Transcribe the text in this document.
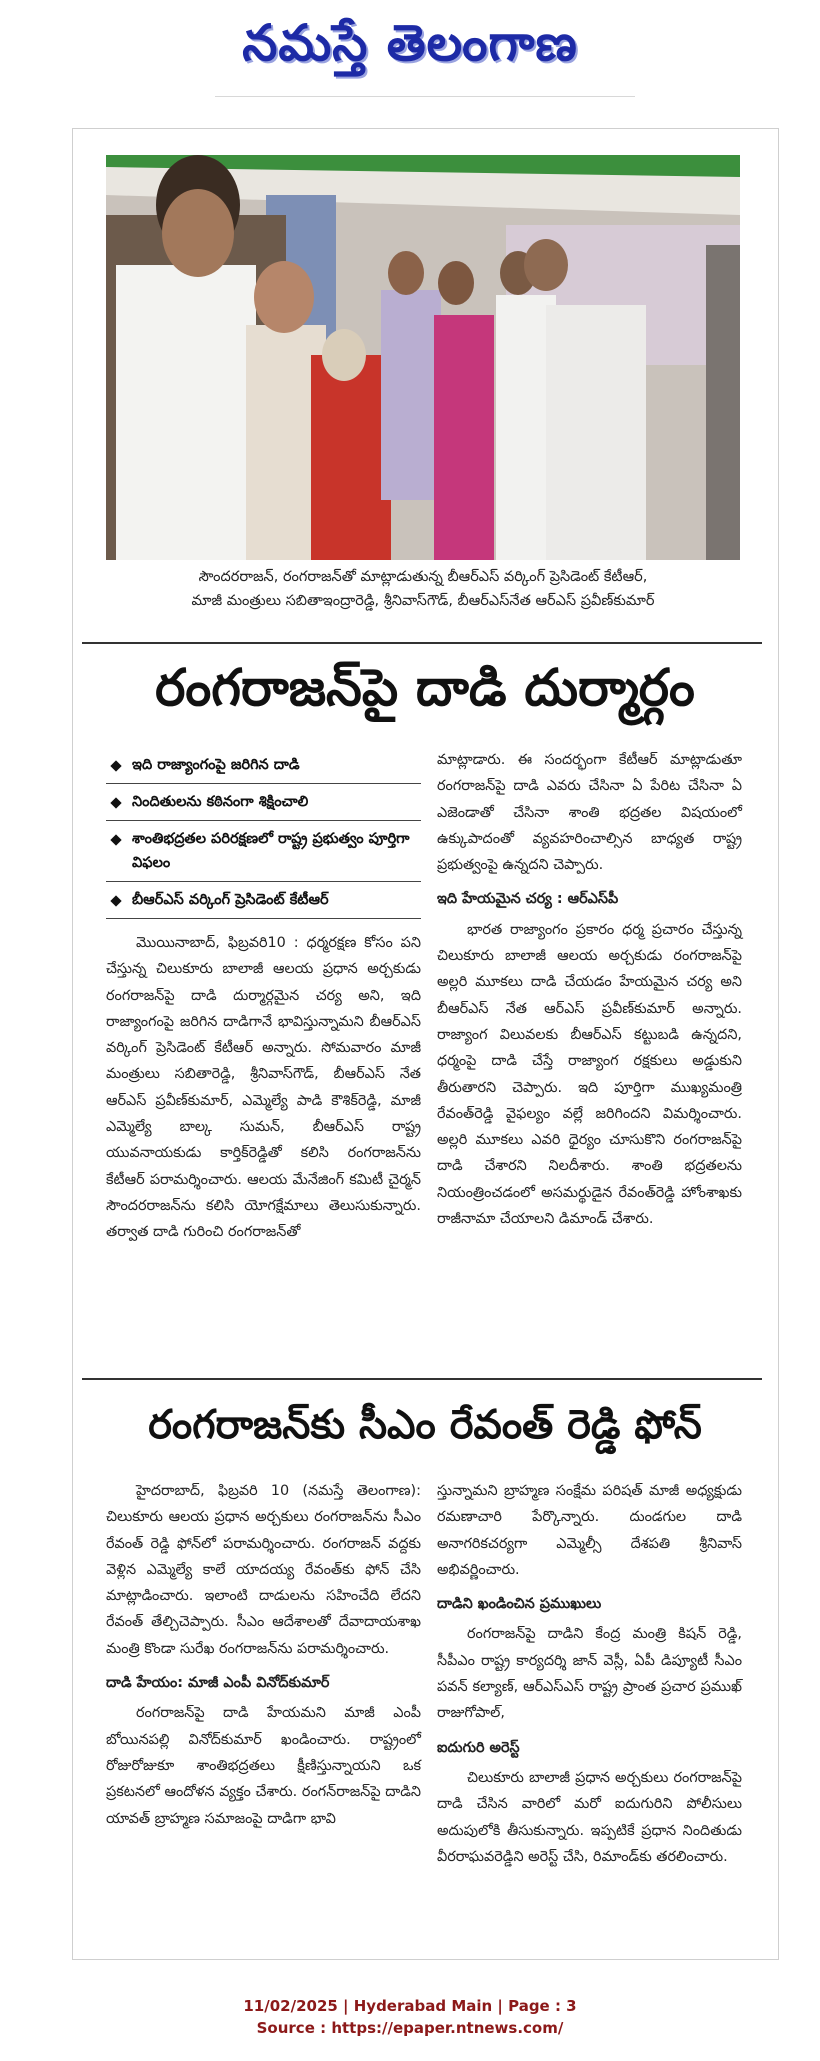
నమస్తే తెలంగాణ
సౌందరరాజన్, రంగరాజన్‌తో మాట్లాడుతున్న బీఆర్ఎస్ వర్కింగ్ ప్రెసిడెంట్ కేటీఆర్,
మాజీ మంత్రులు సబితాఇంద్రారెడ్డి, శ్రీనివాస్‌గౌడ్, బీఆర్ఎస్‌నేత ఆర్ఎస్ ప్రవీణ్‌కుమార్
రంగరాజన్‌పై దాడి దుర్మార్గం
ఇది రాజ్యాంగంపై జరిగిన దాడి
నిందితులను కఠినంగా శిక్షించాలి
శాంతిభద్రతల పరిరక్షణలో రాష్ట్ర ప్రభుత్వం పూర్తిగా విఫలం
బీఆర్ఎస్ వర్కింగ్ ప్రెసిడెంట్ కేటీఆర్

మొయినాబాద్, ఫిబ్రవరి10 : ధర్మరక్షణ కోసం పని చేస్తున్న చిలుకూరు బాలాజీ ఆలయ ప్రధాన అర్చకుడు రంగరాజన్‌పై దాడి దుర్మార్గమైన చర్య అని, ఇది రాజ్యాంగంపై జరిగిన దాడిగానే భావిస్తున్నామని బీఆర్ఎస్ వర్కింగ్ ప్రెసిడెంట్ కేటీఆర్ అన్నారు. సోమవారం మాజీ మంత్రులు సబితారెడ్డి, శ్రీనివాస్‌గౌడ్, బీఆర్ఎస్ నేత ఆర్ఎస్ ప్రవీణ్‌కుమార్, ఎమ్మెల్యే పాడి కౌశిక్‌రెడ్డి, మాజీ ఎమ్మెల్యే బాల్క సుమన్, బీఆర్ఎస్ రాష్ట్ర యువనాయకుడు కార్తిక్‌రెడ్డితో కలిసి రంగరాజన్‌ను కేటీఆర్ పరామర్శించారు. ఆలయ మేనేజింగ్ కమిటీ చైర్మన్ సౌందరరాజన్‌ను కలిసి యోగక్షేమాలు తెలుసుకున్నారు. తర్వాత దాడి గురించి రంగరాజన్‌తో

మాట్లాడారు. ఈ సందర్భంగా కేటీఆర్ మాట్లాడుతూ రంగరాజన్‌పై దాడి ఎవరు చేసినా ఏ పేరిట చేసినా ఏ ఎజెండాతో చేసినా శాంతి భద్రతల విషయంలో ఉక్కుపాదంతో వ్యవహరించాల్సిన బాధ్యత రాష్ట్ర ప్రభుత్వంపై ఉన్నదని చెప్పారు.

ఇది హేయమైన చర్య : ఆర్ఎస్‌పీ

భారత రాజ్యాంగం ప్రకారం ధర్మ ప్రచారం చేస్తున్న చిలుకూరు బాలాజీ ఆలయ అర్చకుడు రంగరాజన్‌పై అల్లరి మూకలు దాడి చేయడం హేయమైన చర్య అని బీఆర్ఎస్ నేత ఆర్ఎస్ ప్రవీణ్‌కుమార్ అన్నారు. రాజ్యాంగ విలువలకు బీఆర్ఎస్ కట్టుబడి ఉన్నదని, ధర్మంపై దాడి చేస్తే రాజ్యాంగ రక్షకులు అడ్డుకుని తీరుతారని చెప్పారు. ఇది పూర్తిగా ముఖ్యమంత్రి రేవంత్‌రెడ్డి వైఫల్యం వల్లే జరిగిందని విమర్శించారు. అల్లరి మూకలు ఎవరి ధైర్యం చూసుకొని రంగరాజన్‌పై దాడి చేశారని నిలదీశారు. శాంతి భద్రతలను నియంత్రించడంలో అసమర్థుడైన రేవంత్‌రెడ్డి హోంశాఖకు రాజీనామా చేయాలని డిమాండ్ చేశారు.

రంగరాజన్‌కు సీఎం రేవంత్ రెడ్డి ఫోన్

హైదరాబాద్, ఫిబ్రవరి 10 (నమస్తే తెలంగాణ): చిలుకూరు ఆలయ ప్రధాన అర్చకులు రంగరాజన్‌ను సీఎం రేవంత్ రెడ్డి ఫోన్‌లో పరామర్శించారు. రంగరాజన్ వద్దకు వెళ్లిన ఎమ్మెల్యే కాలే యాదయ్య రేవంత్‌కు ఫోన్ చేసి మాట్లాడించారు. ఇలాంటి దాడులను సహించేది లేదని రేవంత్ తేల్చిచెప్పారు. సీఎం ఆదేశాలతో దేవాదాయశాఖ మంత్రి కొండా సురేఖ రంగరాజన్‌ను పరామర్శించారు.

దాడి హేయం: మాజీ ఎంపీ వినోద్‌కుమార్

రంగరాజన్‌పై దాడి హేయమని మాజీ ఎంపీ బోయినపల్లి వినోద్‌కుమార్ ఖండించారు. రాష్ట్రంలో రోజురోజుకూ శాంతిభద్రతలు క్షీణిస్తున్నాయని ఒక ప్రకటనలో ఆందోళన వ్యక్తం చేశారు. రంగన్‌రాజన్‌పై దాడిని యావత్ బ్రాహ్మణ సమాజంపై దాడిగా భావి

స్తున్నామని బ్రాహ్మణ సంక్షేమ పరిషత్ మాజీ అధ్యక్షుడు రమణాచారి పేర్కొన్నారు. దుండగుల దాడి అనాగరికచర్యగా ఎమ్మెల్సీ దేశపతి శ్రీనివాస్ అభివర్ణించారు.

దాడిని ఖండించిన ప్రముఖులు

రంగరాజన్‌పై దాడిని కేంద్ర మంత్రి కిషన్ రెడ్డి, సీపీఎం రాష్ట్ర కార్యదర్శి జాన్ వెస్లీ, ఏపీ డిప్యూటీ సీఎం పవన్ కల్యాణ్, ఆర్ఎస్ఎస్ రాష్ట్ర ప్రాంత ప్రచార ప్రముఖ్ రాజుగోపాల్,

ఐదుగురి అరెస్ట్

చిలుకూరు బాలాజీ ప్రధాన అర్చకులు రంగరాజన్‌పై దాడి చేసిన వారిలో మరో ఐదుగురిని పోలీసులు అదుపులోకి తీసుకున్నారు. ఇప్పటికే ప్రధాన నిందితుడు వీరరాఘవరెడ్డిని అరెస్ట్ చేసి, రిమాండ్‌కు తరలించారు.

11/02/2025 | Hyderabad Main | Page : 3
Source : https://epaper.ntnews.com/
